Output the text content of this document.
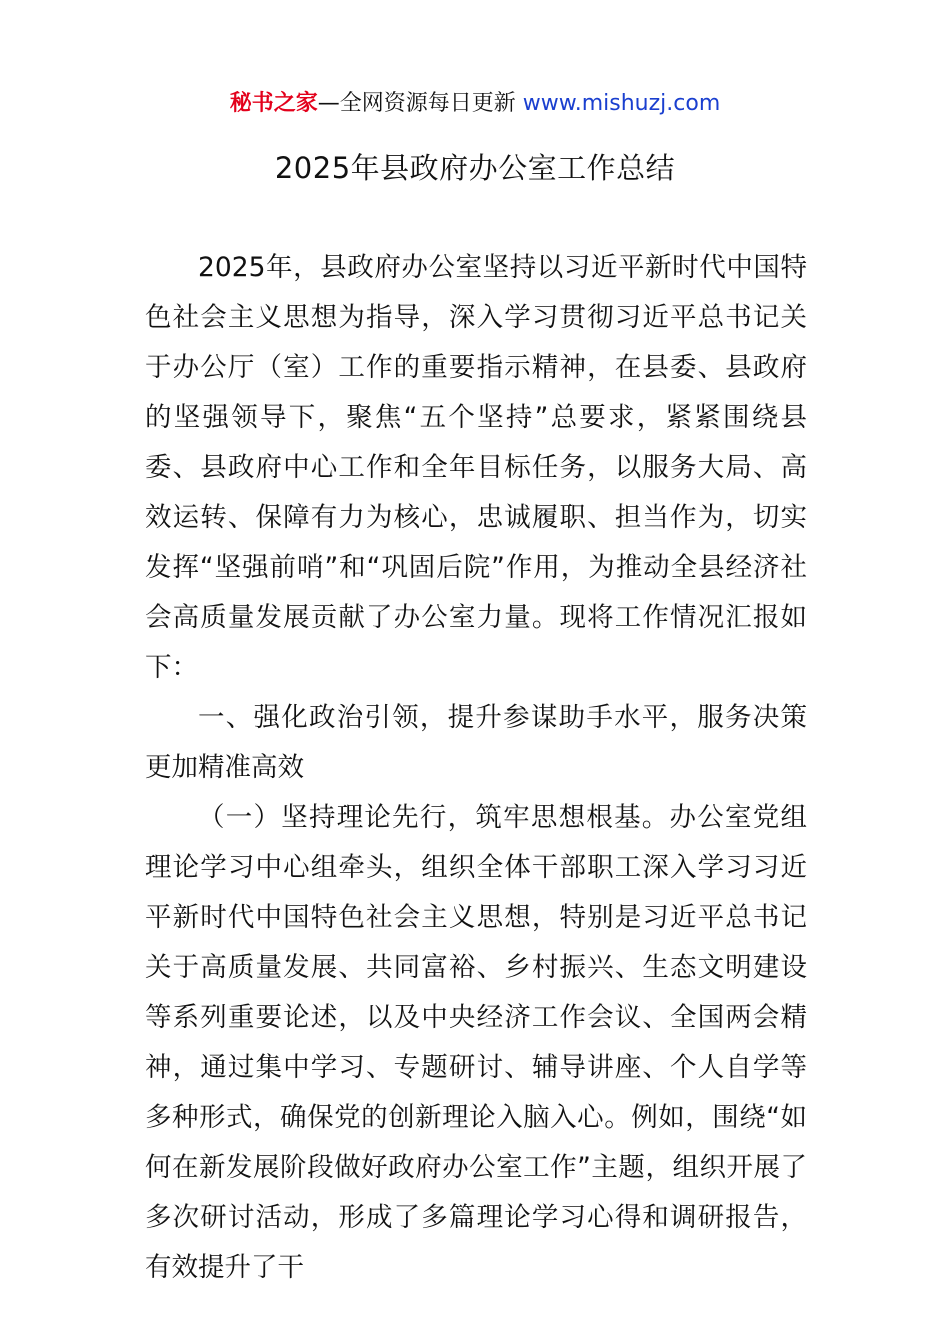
秘书之家—全网资源每日更新 www.mishuzj.com
2025年县政府办公室工作总结

2025年，县政府办公室坚持以习近平新时代中国特色社会主义思想为指导，深入学习贯彻习近平总书记关于办公厅（室）工作的重要指示精神，在县委、县政府的坚强领导下，聚焦“五个坚持”总要求，紧紧围绕县委、县政府中心工作和全年目标任务，以服务大局、高效运转、保障有力为核心，忠诚履职、担当作为，切实发挥“坚强前哨”和“巩固后院”作用，为推动全县经济社会高质量发展贡献了办公室力量。现将工作情况汇报如下：

一、强化政治引领，提升参谋助手水平，服务决策更加精准高效

（一）坚持理论先行，筑牢思想根基。办公室党组理论学习中心组牵头，组织全体干部职工深入学习习近平新时代中国特色社会主义思想，特别是习近平总书记关于高质量发展、共同富裕、乡村振兴、生态文明建设等系列重要论述，以及中央经济工作会议、全国两会精神，通过集中学习、专题研讨、辅导讲座、个人自学等多种形式，确保党的创新理论入脑入心。例如，围绕“如何在新发展阶段做好政府办公室工作”主题，组织开展了多次研讨活动，形成了多篇理论学习心得和调研报告，有效提升了干
